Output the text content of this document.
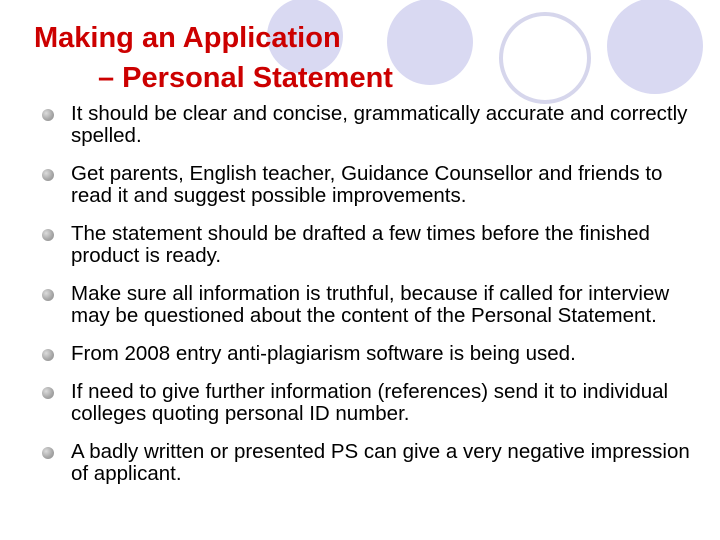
Making an Application
– Personal Statement
It should be clear and concise, grammatically accurate and correctly spelled.
Get parents, English teacher, Guidance Counsellor and friends to read it and suggest possible improvements.
The statement should be drafted a few times before the finished product is ready.
Make sure all information is truthful, because if called for interview may be questioned about the content of the Personal Statement.
From 2008 entry anti-plagiarism software is being used.
If need to give further information (references) send it to individual colleges quoting personal ID number.
A badly written or presented PS can give a very negative impression of applicant.
